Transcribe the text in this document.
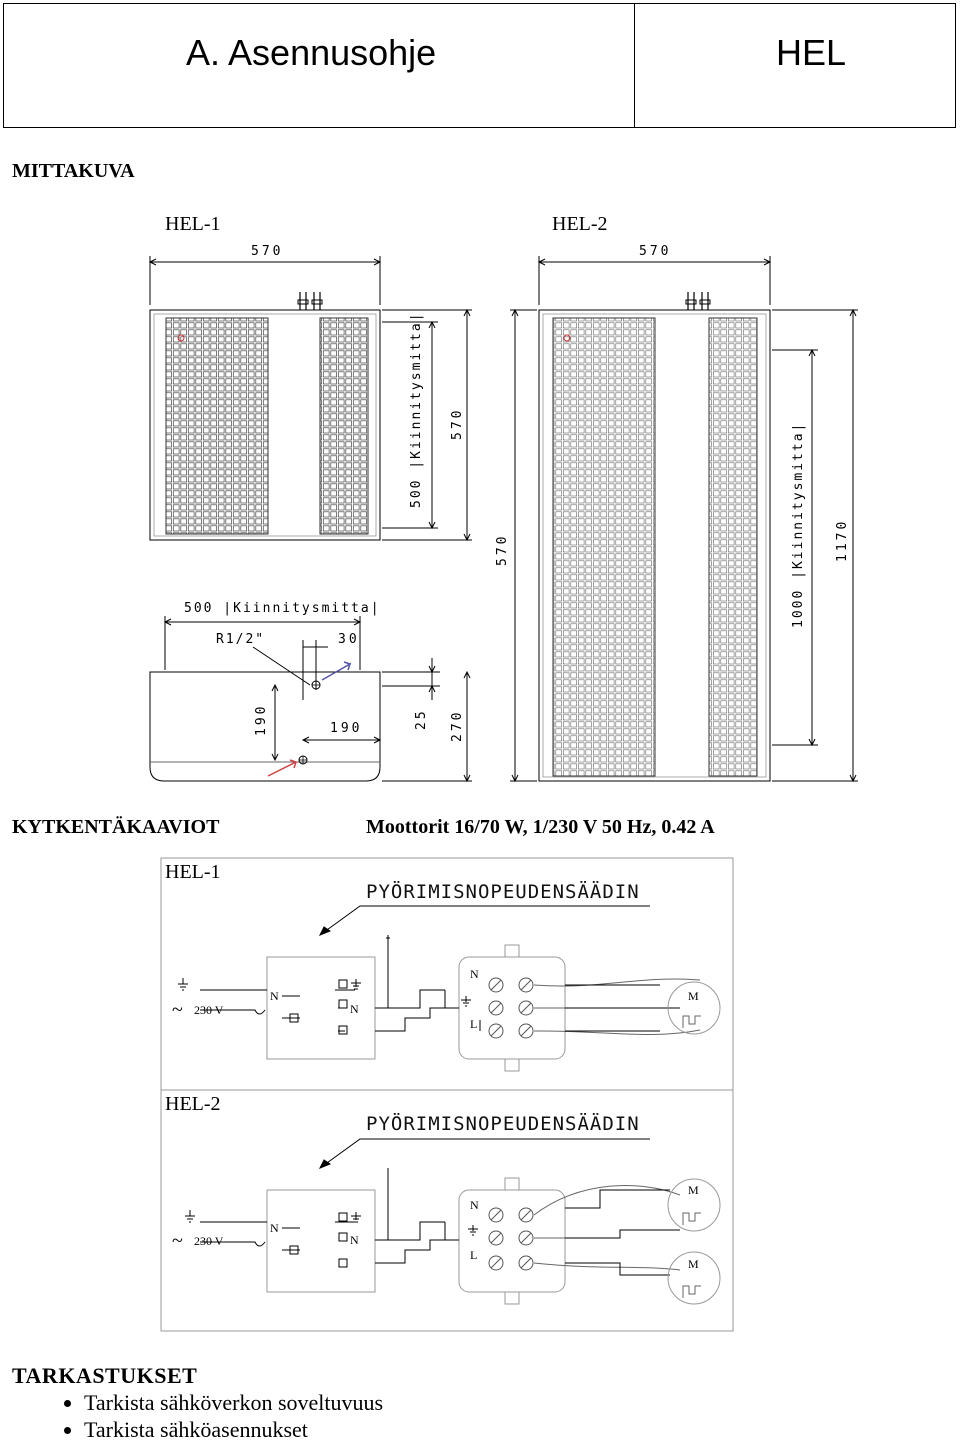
A. Asennusohje	HEL
MITTAKUVA
HEL-1	HEL-2
KYTKENTÄKAAVIOT	Moottorit 16/70 W, 1/230 V 50 Hz, 0.42 A
HEL-1
HEL-2
570	570
500 |Kiinnitysmitta| 570
570	1000 |Kiinnitysmitta| 1170
500 |Kiinnitysmitta|
R1/2"	30
190	190	25 270
230 V
~
N
N
N
L
M
PYÖRIMISNOPEUDENSÄÄDIN
230 V
~
N
N
N
L
M
M
PYÖRIMISNOPEUDENSÄÄDIN
TARKASTUKSET
• Tarkista sähköverkon soveltuvuus
• Tarkista sähköasennukset
